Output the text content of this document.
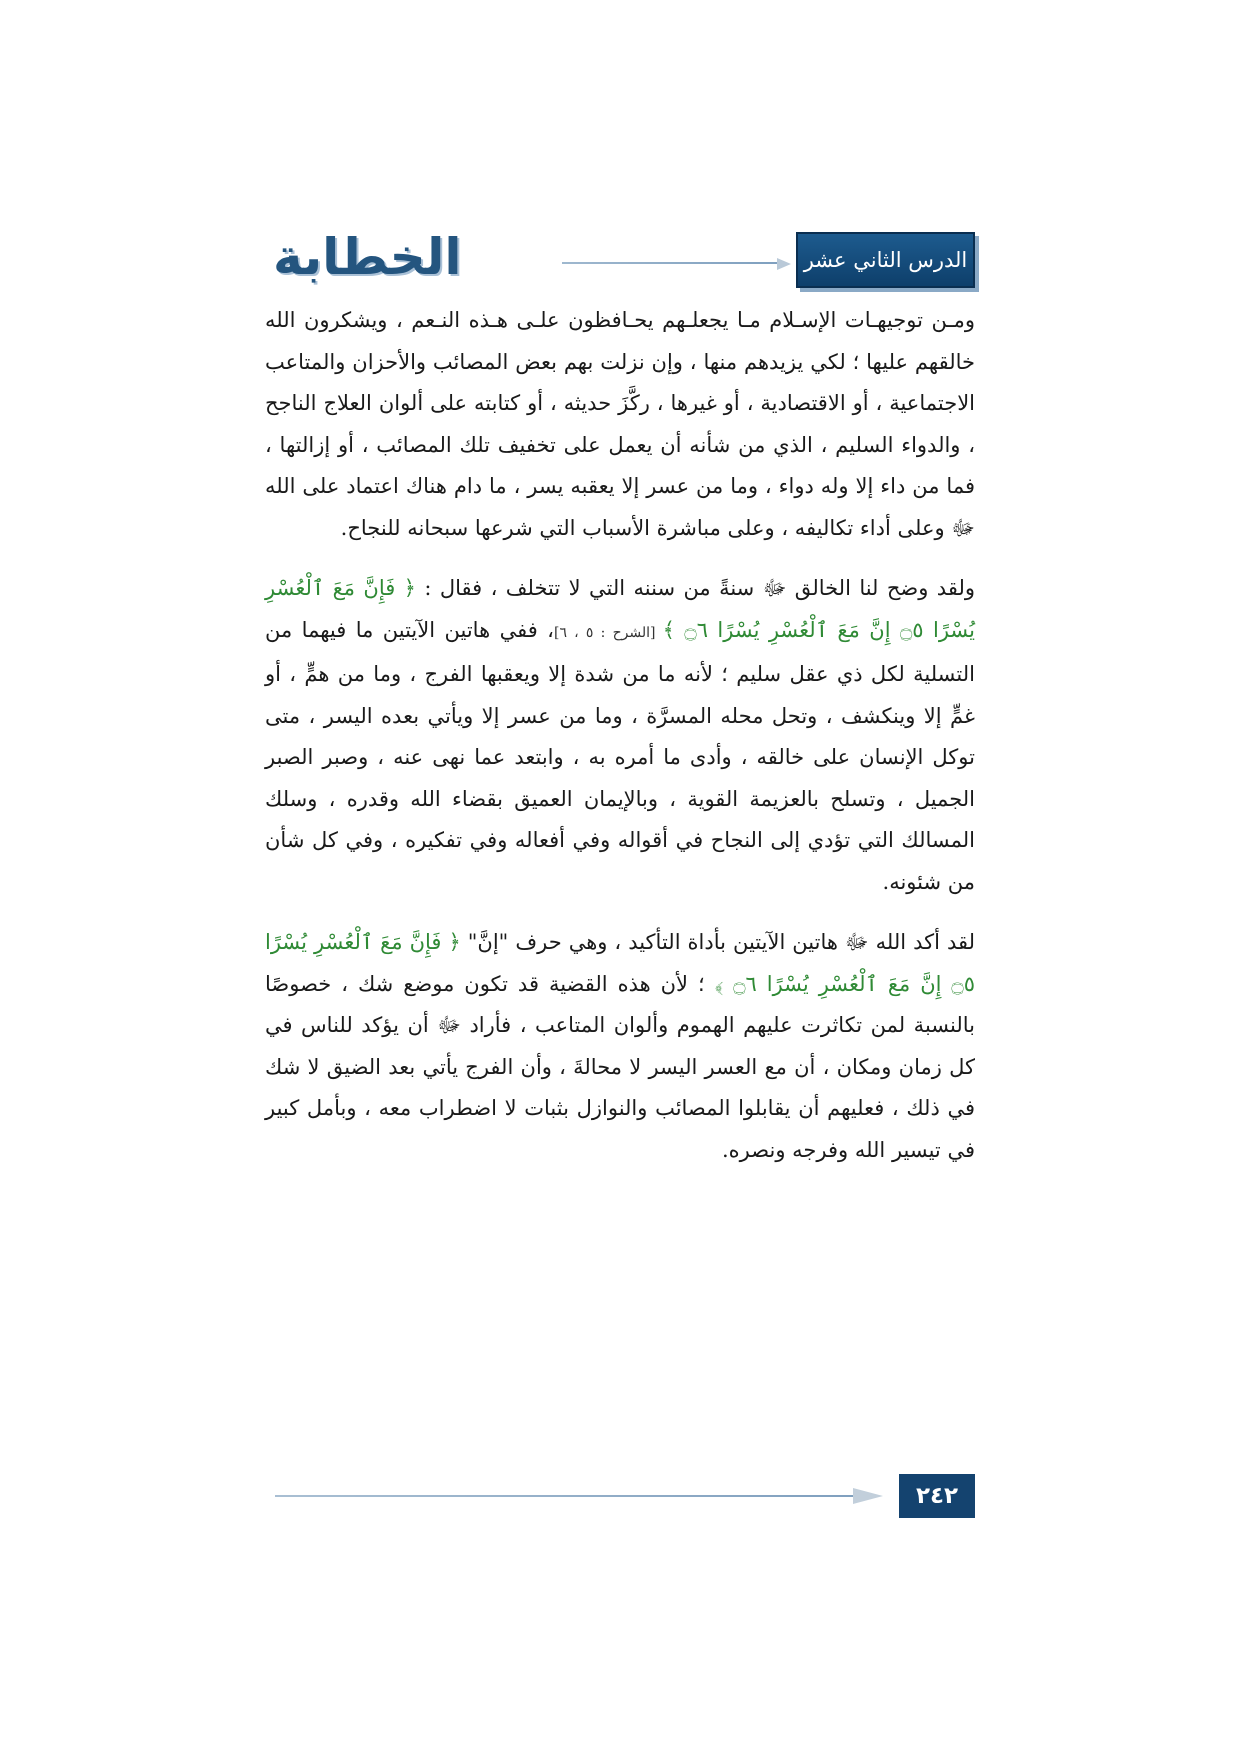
الخطابة	الدرس الثاني عشر

ومـن توجيهـات الإسـلام مـا يجعلـهم يحـافظون علـى هـذه النـعم ، ويشكرون الله خالقهم عليها ؛ لكي يزيدهم منها ، وإن نزلت بهم بعض المصائب والأحزان والمتاعب الاجتماعية ، أو الاقتصادية ، أو غيرها ، ركَّزَ حديثه ، أو كتابته على ألوان العلاج الناجح ، والدواء السليم ، الذي من شأنه أن يعمل على تخفيف تلك المصائب ، أو إزالتها ، فما من داء إلا وله دواء ، وما من عسر إلا يعقبه يسر ، ما دام هناك اعتماد على الله ﷻ وعلى أداء تكاليفه ، وعلى مباشرة الأسباب التي شرعها سبحانه للنجاح.

ولقد وضح لنا الخالق ﷻ سنةً من سننه التي لا تتخلف ، فقال : ﴿ فَإِنَّ مَعَ ٱلْعُسْرِ يُسْرًا ۝٥ إِنَّ مَعَ ٱلْعُسْرِ يُسْرًا ۝٦ ﴾ [الشرح : ٥ ، ٦]، ففي هاتين الآيتين ما فيهما من التسلية لكل ذي عقل سليم ؛ لأنه ما من شدة إلا ويعقبها الفرج ، وما من همٍّ ، أو غمٍّ إلا وينكشف ، وتحل محله المسرَّة ، وما من عسر إلا ويأتي بعده اليسر ، متى توكل الإنسان على خالقه ، وأدى ما أمره به ، وابتعد عما نهى عنه ، وصبر الصبر الجميل ، وتسلح بالعزيمة القوية ، وبالإيمان العميق بقضاء الله وقدره ، وسلك المسالك التي تؤدي إلى النجاح في أقواله وفي أفعاله وفي تفكيره ، وفي كل شأن من شئونه.

لقد أكد الله ﷻ هاتين الآيتين بأداة التأكيد ، وهي حرف "إنَّ" ﴿ فَإِنَّ مَعَ ٱلْعُسْرِ يُسْرًا ۝٥ إِنَّ مَعَ ٱلْعُسْرِ يُسْرًا ۝٦ ﴾ ؛ لأن هذه القضية قد تكون موضع شك ، خصوصًا بالنسبة لمن تكاثرت عليهم الهموم وألوان المتاعب ، فأراد ﷻ أن يؤكد للناس في كل زمان ومكان ، أن مع العسر اليسر لا محالةَ ، وأن الفرج يأتي بعد الضيق لا شك في ذلك ، فعليهم أن يقابلوا المصائب والنوازل بثبات لا اضطراب معه ، وبأمل كبير في تيسير الله وفرجه ونصره.

٢٤٢
